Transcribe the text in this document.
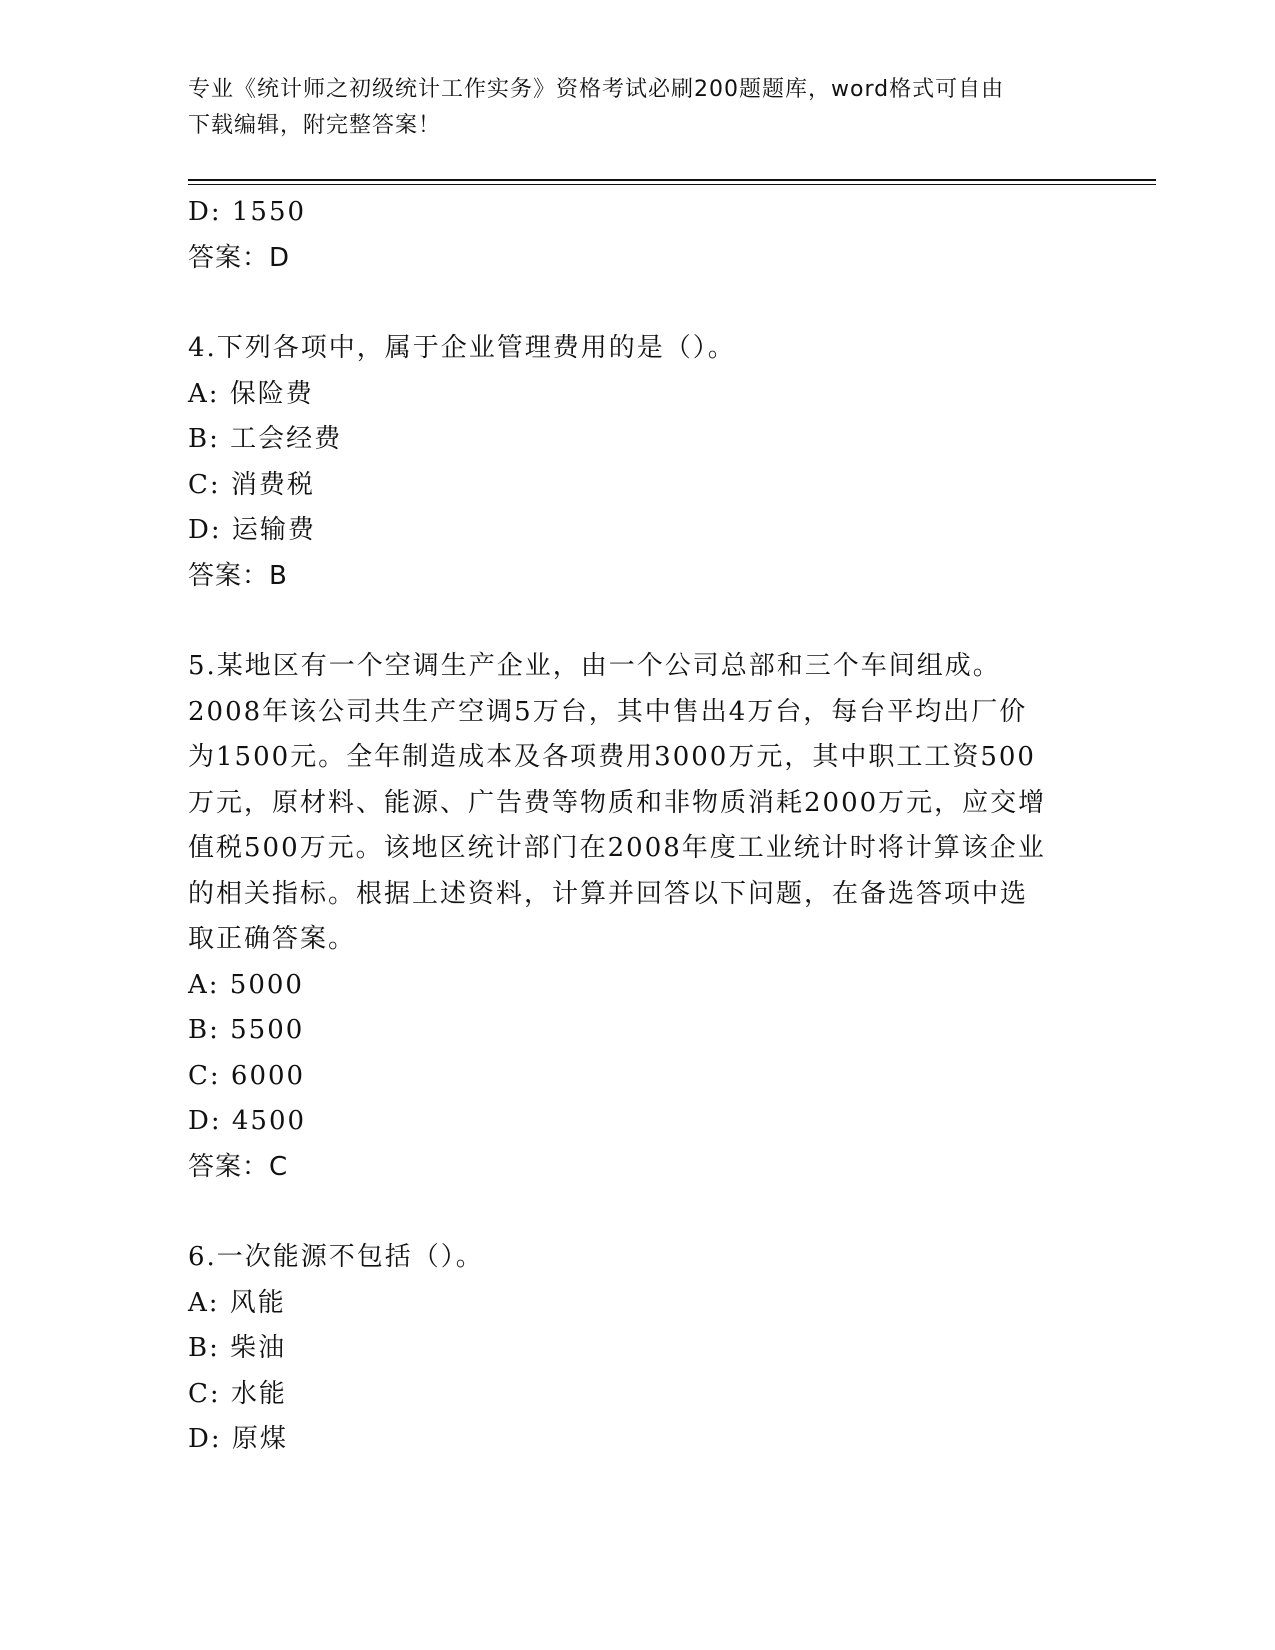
专业《统计师之初级统计工作实务》资格考试必刷200题题库，word格式可自由
下载编辑，附完整答案！
D: 1550
答案：D
4.下列各项中，属于企业管理费用的是（）。
A: 保险费
B: 工会经费
C: 消费税
D: 运输费
答案：B
5.某地区有一个空调生产企业，由一个公司总部和三个车间组成。
2008年该公司共生产空调5万台，其中售出4万台，每台平均出厂价
为1500元。全年制造成本及各项费用3000万元，其中职工工资500
万元，原材料、能源、广告费等物质和非物质消耗2000万元，应交增
值税500万元。该地区统计部门在2008年度工业统计时将计算该企业
的相关指标。根据上述资料，计算并回答以下问题，在备选答项中选
取正确答案。
A: 5000
B: 5500
C: 6000
D: 4500
答案：C
6.一次能源不包括（）。
A: 风能
B: 柴油
C: 水能
D: 原煤
